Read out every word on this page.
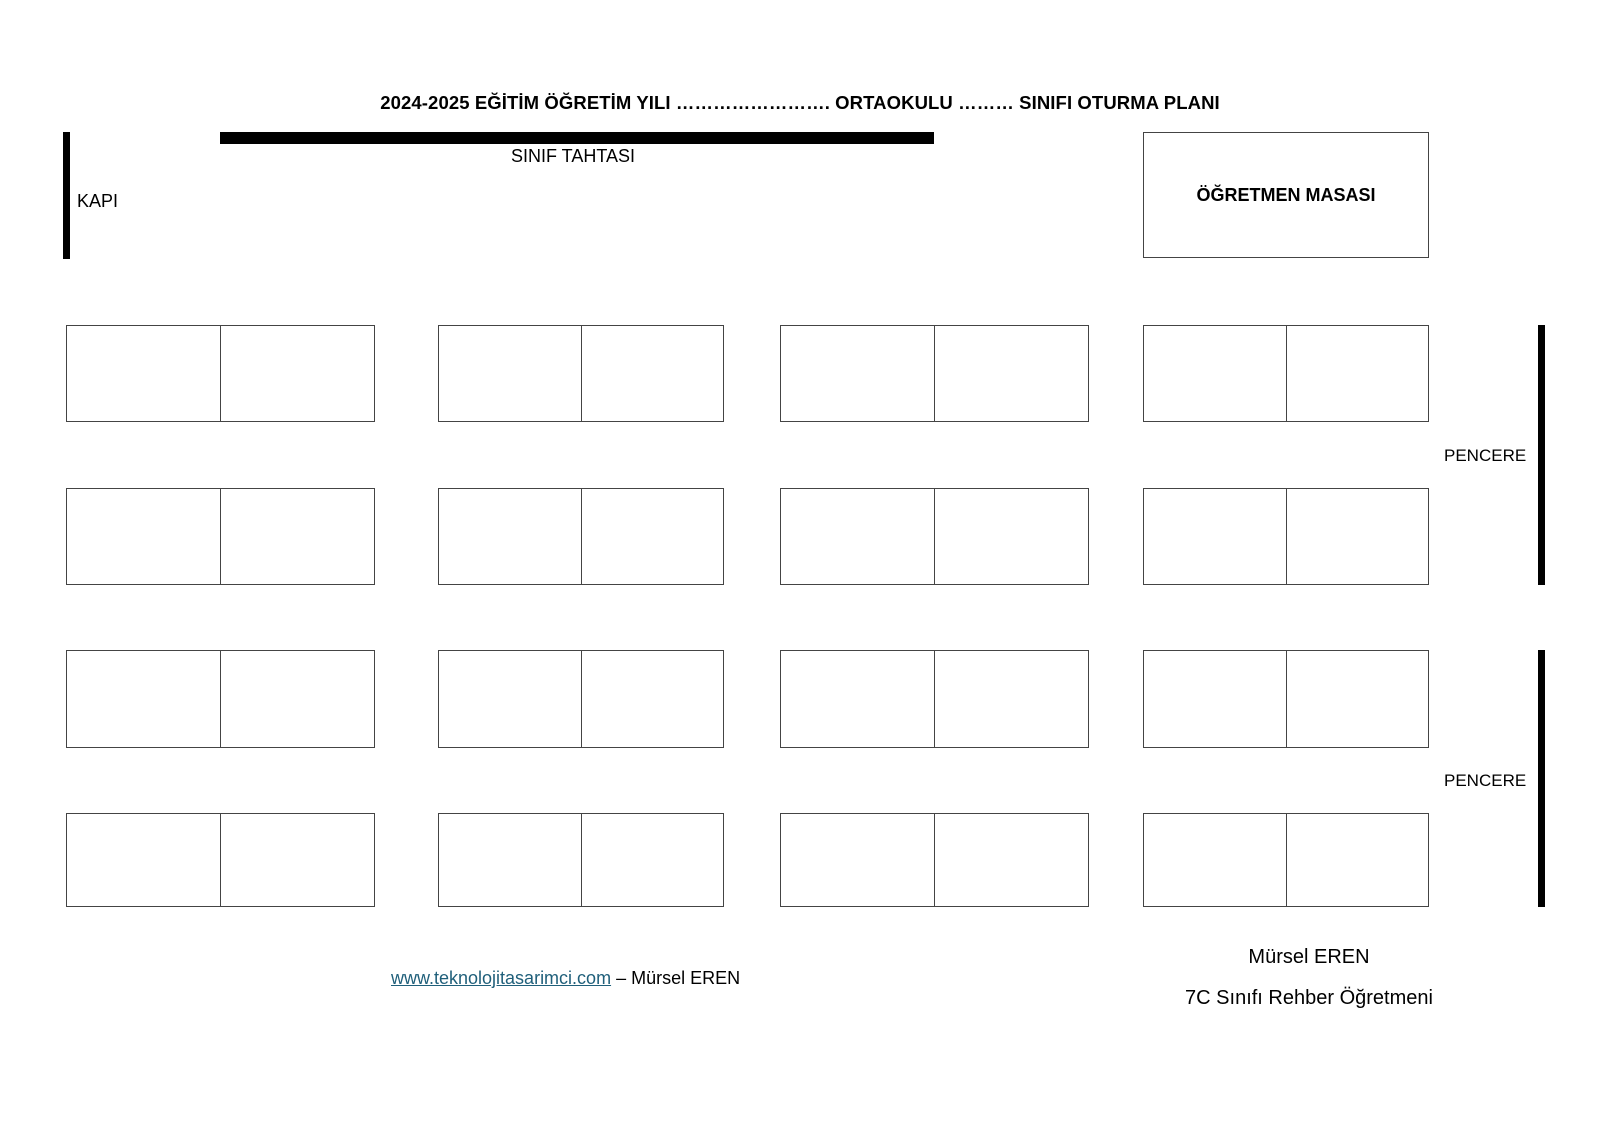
2024-2025 EĞİTİM ÖĞRETİM YILI ……………………. ORTAOKULU ……… SINIFI OTURMA PLANI
KAPI
SINIF TAHTASI
ÖĞRETMEN MASASI
PENCERE
PENCERE
www.teknolojitasarimci.com – Mürsel EREN
Mürsel EREN
7C Sınıfı Rehber Öğretmeni
